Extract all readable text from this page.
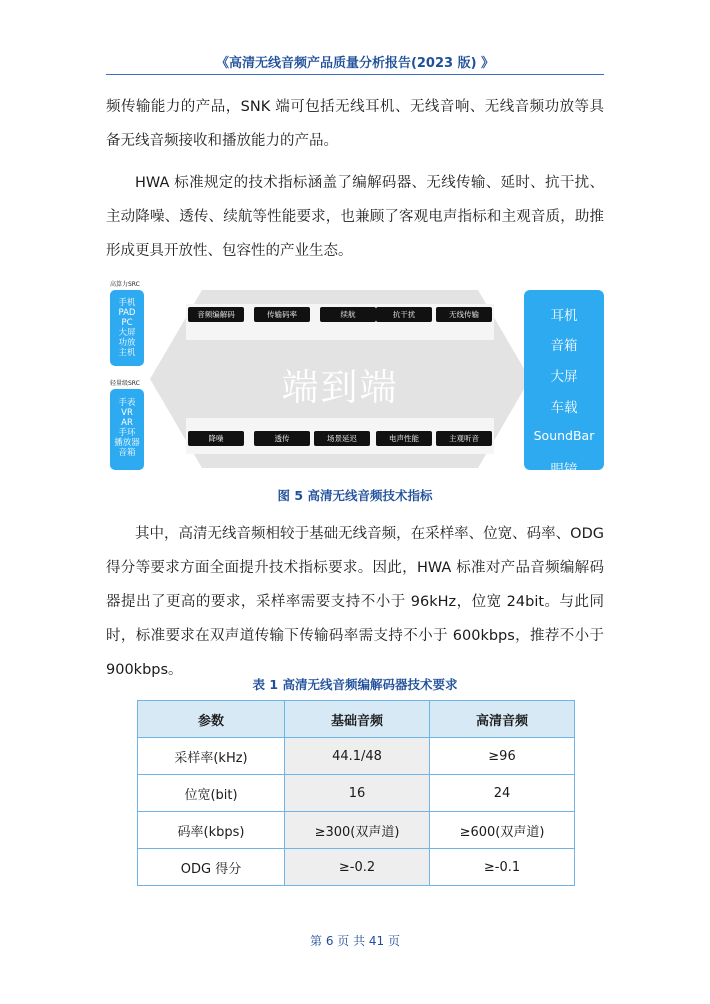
《高清无线音频产品质量分析报告(2023 版) 》

频传输能力的产品，SNK 端可包括无线耳机、无线音响、无线音频功放等具备无线音频接收和播放能力的产品。

HWA 标准规定的技术指标涵盖了编解码器、无线传输、延时、抗干扰、主动降噪、透传、续航等性能要求，也兼顾了客观电声指标和主观音质，助推形成更具开放性、包容性的产业生态。

高算力SRC
手机
PAD
PC
大屏
功放
主机
轻量级SRC
手表
VR
AR
手环
播放器
音箱
端到端
音频编解码	传输码率	续航	抗干扰	无线传输
降噪	透传	场景延迟	电声性能	主观听音
耳机
音箱
大屏
车载
SoundBar
眼镜
图 5 高清无线音频技术指标

其中，高清无线音频相较于基础无线音频，在采样率、位宽、码率、ODG 得分等要求方面全面提升技术指标要求。因此，HWA 标准对产品音频编解码器提出了更高的要求，采样率需要支持不小于 96kHz，位宽 24bit。与此同时，标准要求在双声道传输下传输码率需支持不小于 600kbps，推荐不小于 900kbps。

表 1 高清无线音频编解码器技术要求
参数	基础音频	高清音频
采样率(kHz)	44.1/48	≥96
位宽(bit)	16	24
码率(kbps)	≥300(双声道)	≥600(双声道)
ODG 得分	≥-0.2	≥-0.1
第 6 页 共 41 页
